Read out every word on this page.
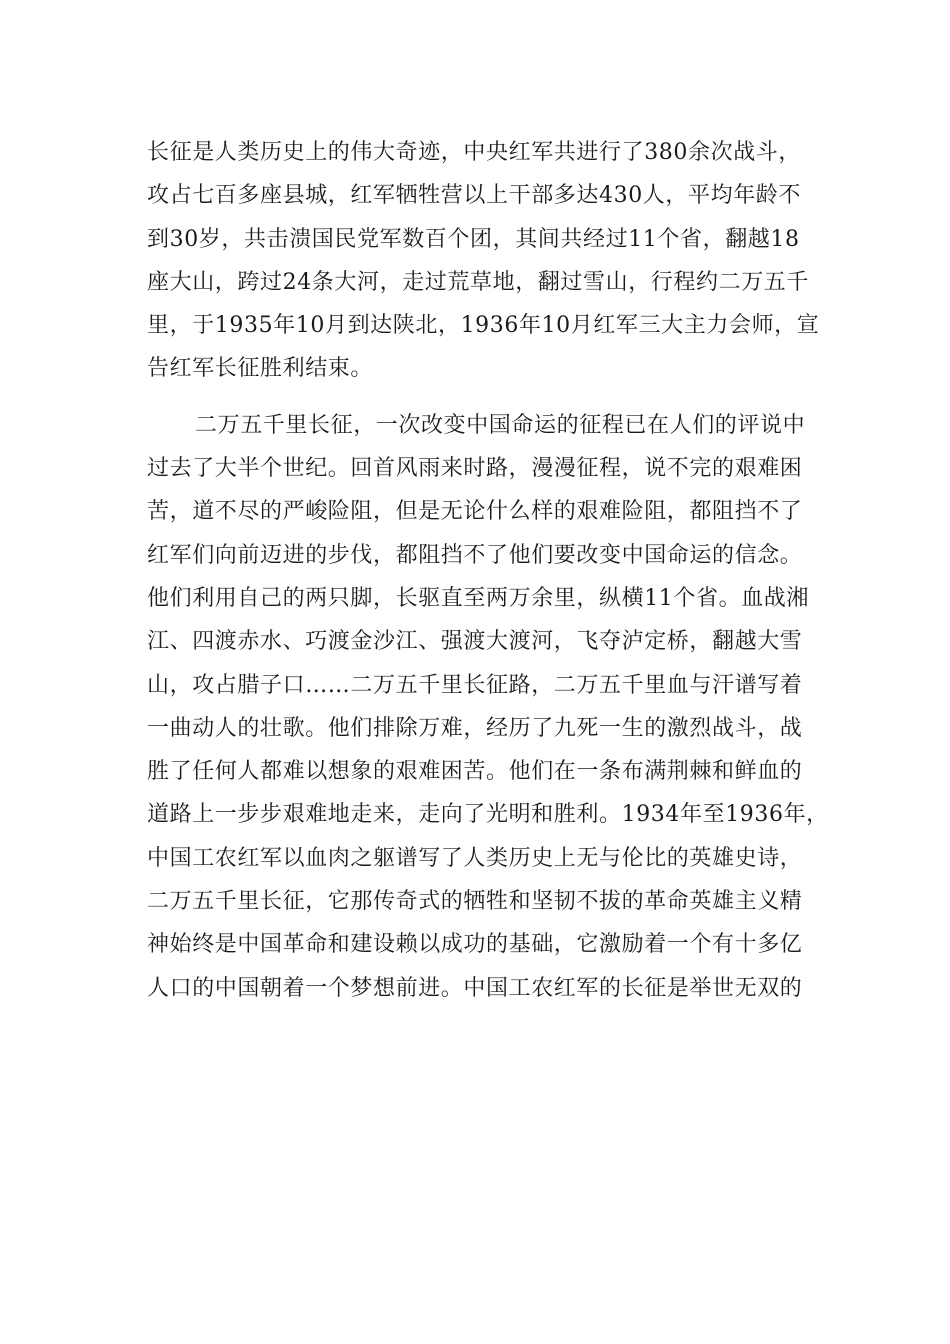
长征是人类历史上的伟大奇迹，中央红军共进行了380余次战斗，
攻占七百多座县城，红军牺牲营以上干部多达430人，平均年龄不
到30岁，共击溃国民党军数百个团，其间共经过11个省，翻越18
座大山，跨过24条大河，走过荒草地，翻过雪山，行程约二万五千
里，于1935年10月到达陕北，1936年10月红军三大主力会师，宣
告红军长征胜利结束。
二万五千里长征，一次改变中国命运的征程已在人们的评说中
过去了大半个世纪。回首风雨来时路，漫漫征程，说不完的艰难困
苦，道不尽的严峻险阻，但是无论什么样的艰难险阻，都阻挡不了
红军们向前迈进的步伐，都阻挡不了他们要改变中国命运的信念。
他们利用自己的两只脚，长驱直至两万余里，纵横11个省。血战湘
江、四渡赤水、巧渡金沙江、强渡大渡河，飞夺泸定桥，翻越大雪
山，攻占腊子口……二万五千里长征路，二万五千里血与汗谱写着
一曲动人的壮歌。他们排除万难，经历了九死一生的激烈战斗，战
胜了任何人都难以想象的艰难困苦。他们在一条布满荆棘和鲜血的
道路上一步步艰难地走来，走向了光明和胜利。1934年至1936年，
中国工农红军以血肉之躯谱写了人类历史上无与伦比的英雄史诗，
二万五千里长征，它那传奇式的牺牲和坚韧不拔的革命英雄主义精
神始终是中国革命和建设赖以成功的基础，它激励着一个有十多亿
人口的中国朝着一个梦想前进。中国工农红军的长征是举世无双的
